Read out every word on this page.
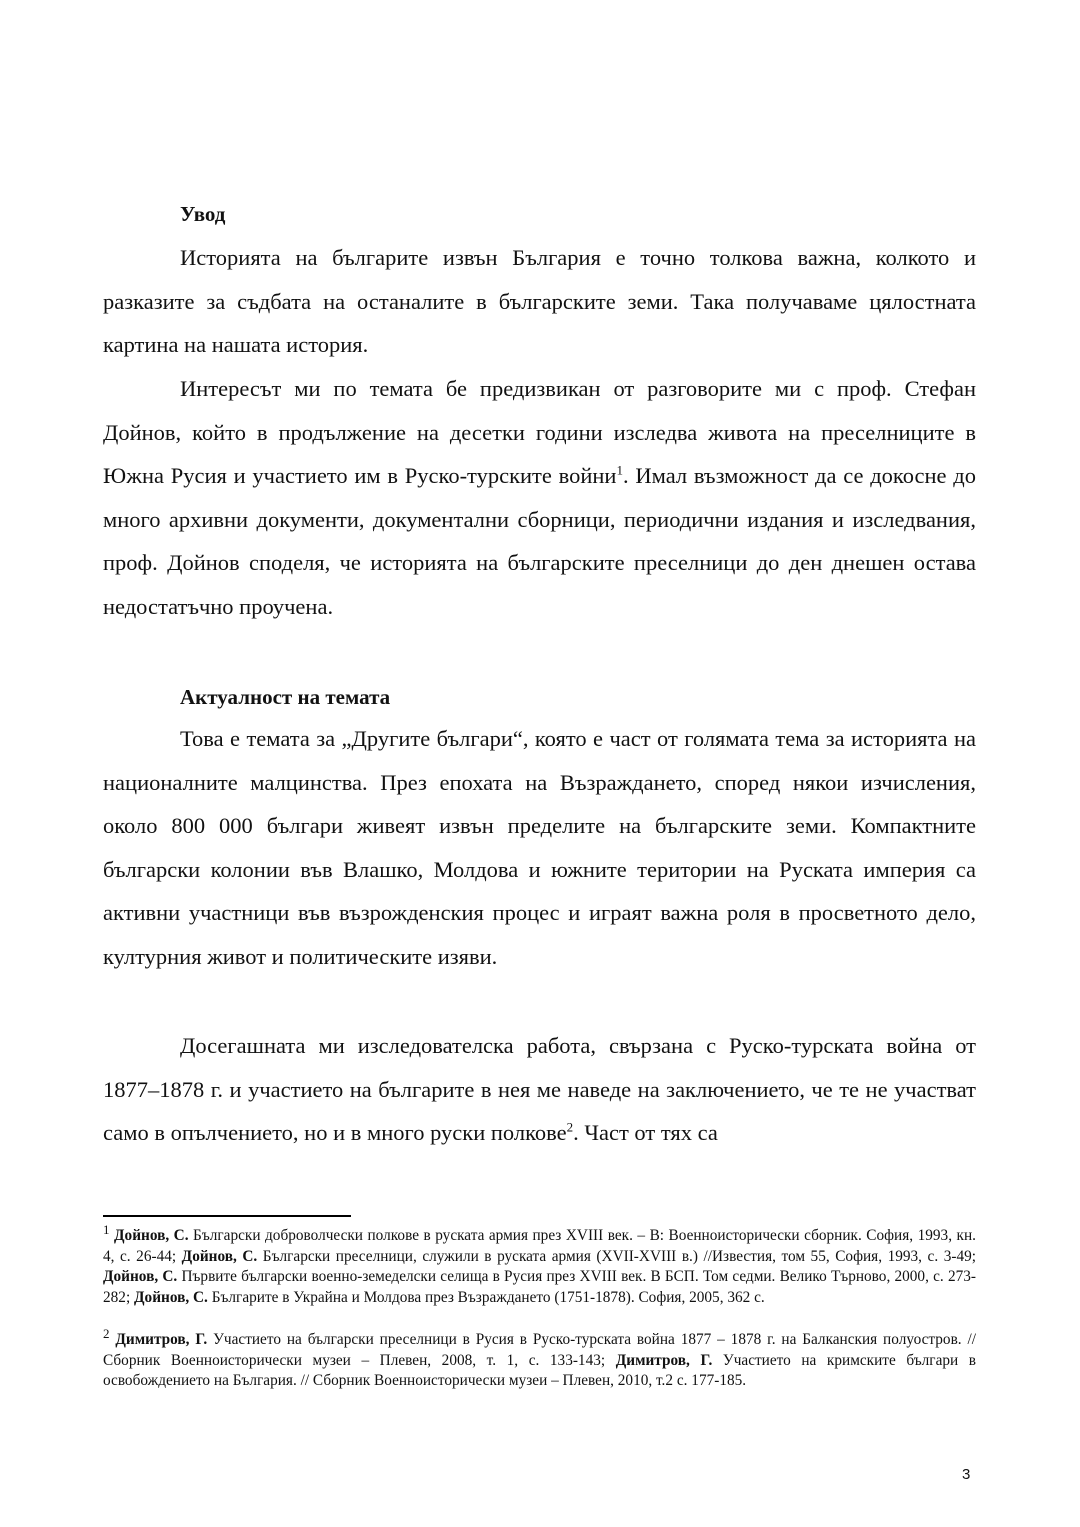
Увод

Историята на българите извън България е точно толкова важна, колкото и разказите за съдбата на останалите в българските земи. Така получаваме цялостната картина на нашата история.

Интересът ми по темата бе предизвикан от разговорите ми с проф. Стефан Дойнов, който в продължение на десетки години изследва живота на преселниците в Южна Русия и участието им в Руско-турските войни$^1$. Имал възможност да се докосне до много архивни документи, документални сборници, периодични издания и изследвания, проф. Дойнов споделя, че историята на българските преселници до ден днешен остава недостатъчно проучена.

Актуалност на темата

Това е темата за „Другите българи“, която е част от голямата тема за историята на националните малцинства. През епохата на Възраждането, според някои изчисления, около 800 000 българи живеят извън пределите на българските земи. Компактните български колонии във Влашко, Молдова и южните територии на Руската империя са активни участници във възрожденския процес и играят важна роля в просветното дело, културния живот и политическите изяви.

Досегашната ми изследователска работа, свързана с Руско-турската война от 1877–1878 г. и участието на българите в нея ме наведе на заключението, че те не участват само в опълчението, но и в много руски полкове$^2$. Част от тях са

$^1$ Дойнов, С. Български доброволчески полкове в руската армия през XVIII век. – В: Военноисторически сборник. София, 1993, кн. 4, с. 26-44; Дойнов, С. Български преселници, служили в руската армия (XVII-XVIII в.) //Известия, том 55, София, 1993, с. 3-49; Дойнов, С. Първите български военно-земеделски селища в Русия през XVIII век. В БСП. Том седми. Велико Търново, 2000, с. 273-282; Дойнов, С. Българите в Украйна и Молдова през Възраждането (1751-1878). София, 2005, 362 с.

$^2$ Димитров, Г. Участието на български преселници в Русия в Руско-турската война 1877 – 1878 г. на Балканския полуостров. // Сборник Военноисторически музеи – Плевен, 2008, т. 1, с. 133-143; Димитров, Г. Участието на кримските българи в освобождението на България. // Сборник Военноисторически музеи – Плевен, 2010, т.2 с. 177-185.

3
